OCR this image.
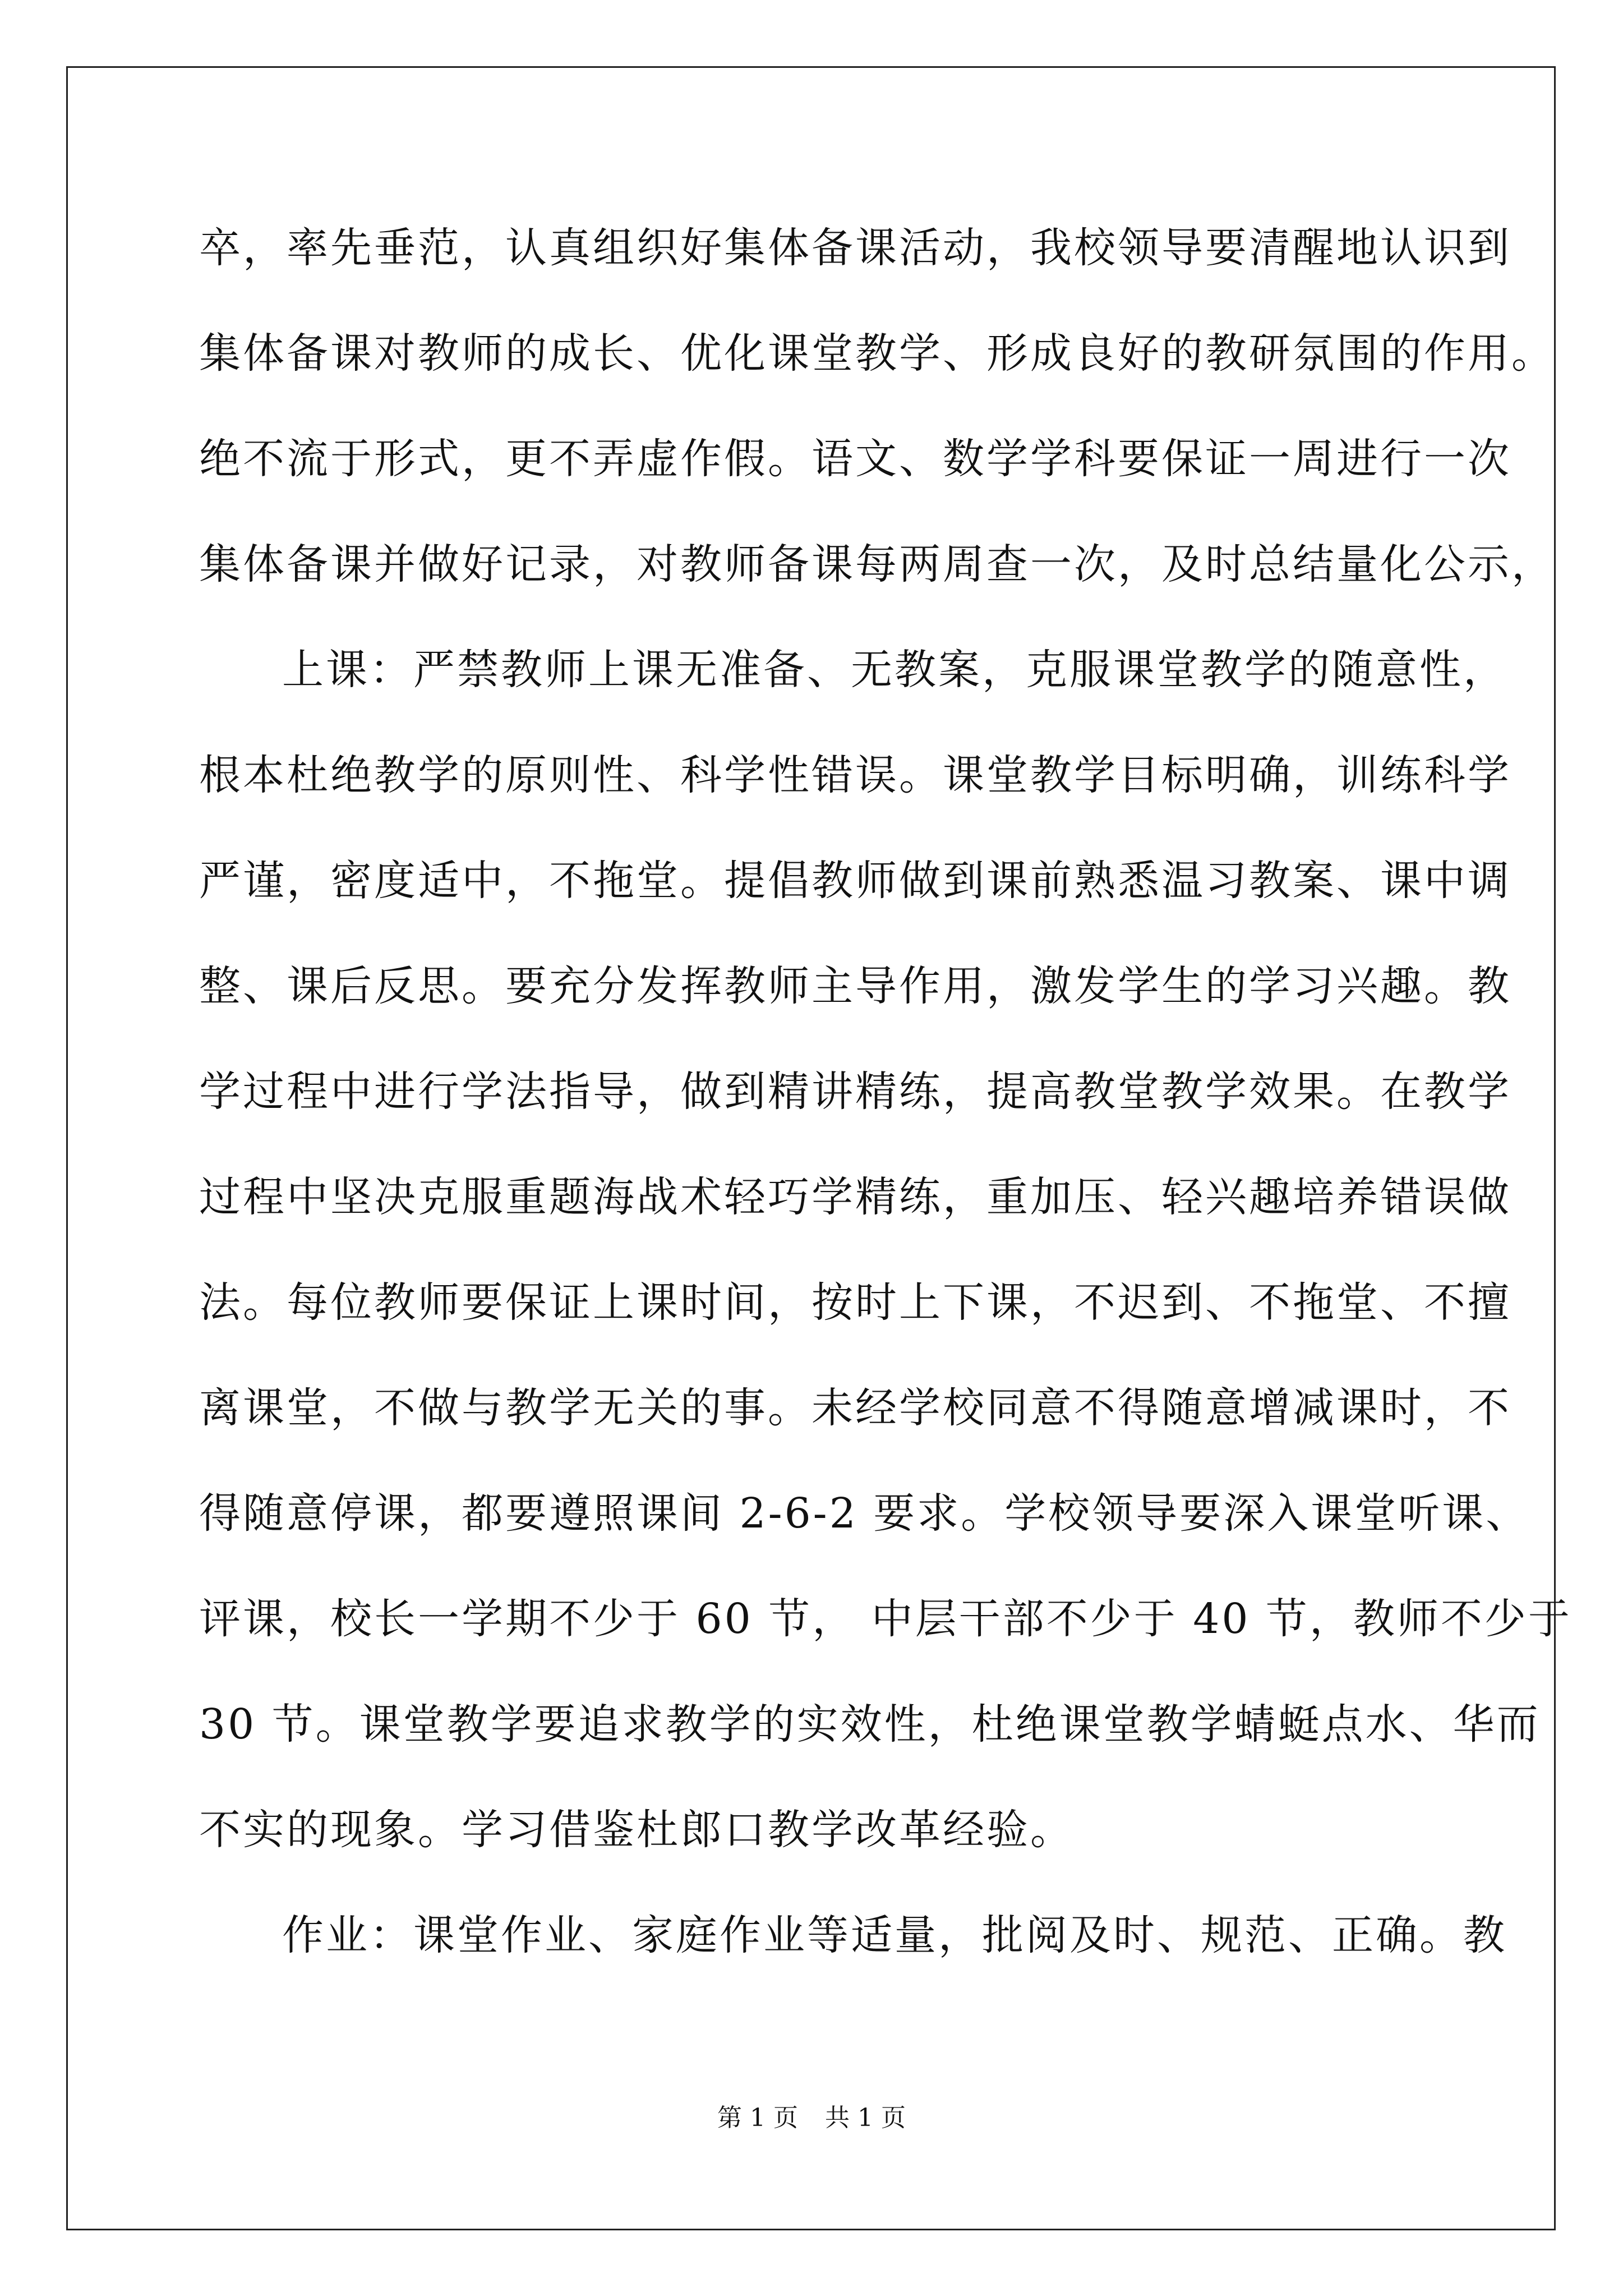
卒，率先垂范，认真组织好集体备课活动，我校领导要清醒地认识到
集体备课对教师的成长、优化课堂教学、形成良好的教研氛围的作用。
绝不流于形式，更不弄虚作假。语文、数学学科要保证一周进行一次
集体备课并做好记录，对教师备课每两周查一次，及时总结量化公示，
上课：严禁教师上课无准备、无教案，克服课堂教学的随意性，
根本杜绝教学的原则性、科学性错误。课堂教学目标明确，训练科学
严谨，密度适中，不拖堂。提倡教师做到课前熟悉温习教案、课中调
整、课后反思。要充分发挥教师主导作用，激发学生的学习兴趣。教
学过程中进行学法指导，做到精讲精练，提高教堂教学效果。在教学
过程中坚决克服重题海战术轻巧学精练，重加压、轻兴趣培养错误做
法。每位教师要保证上课时间，按时上下课，不迟到、不拖堂、不擅
离课堂，不做与教学无关的事。未经学校同意不得随意增减课时，不
得随意停课，都要遵照课间 2-6-2 要求。学校领导要深入课堂听课、
评课，校长一学期不少于 60 节， 中层干部不少于 40 节，教师不少于
30 节。课堂教学要追求教学的实效性，杜绝课堂教学蜻蜓点水、华而
不实的现象。学习借鉴杜郎口教学改革经验。
作业：课堂作业、家庭作业等适量，批阅及时、规范、正确。教
第 1 页 共 1 页
